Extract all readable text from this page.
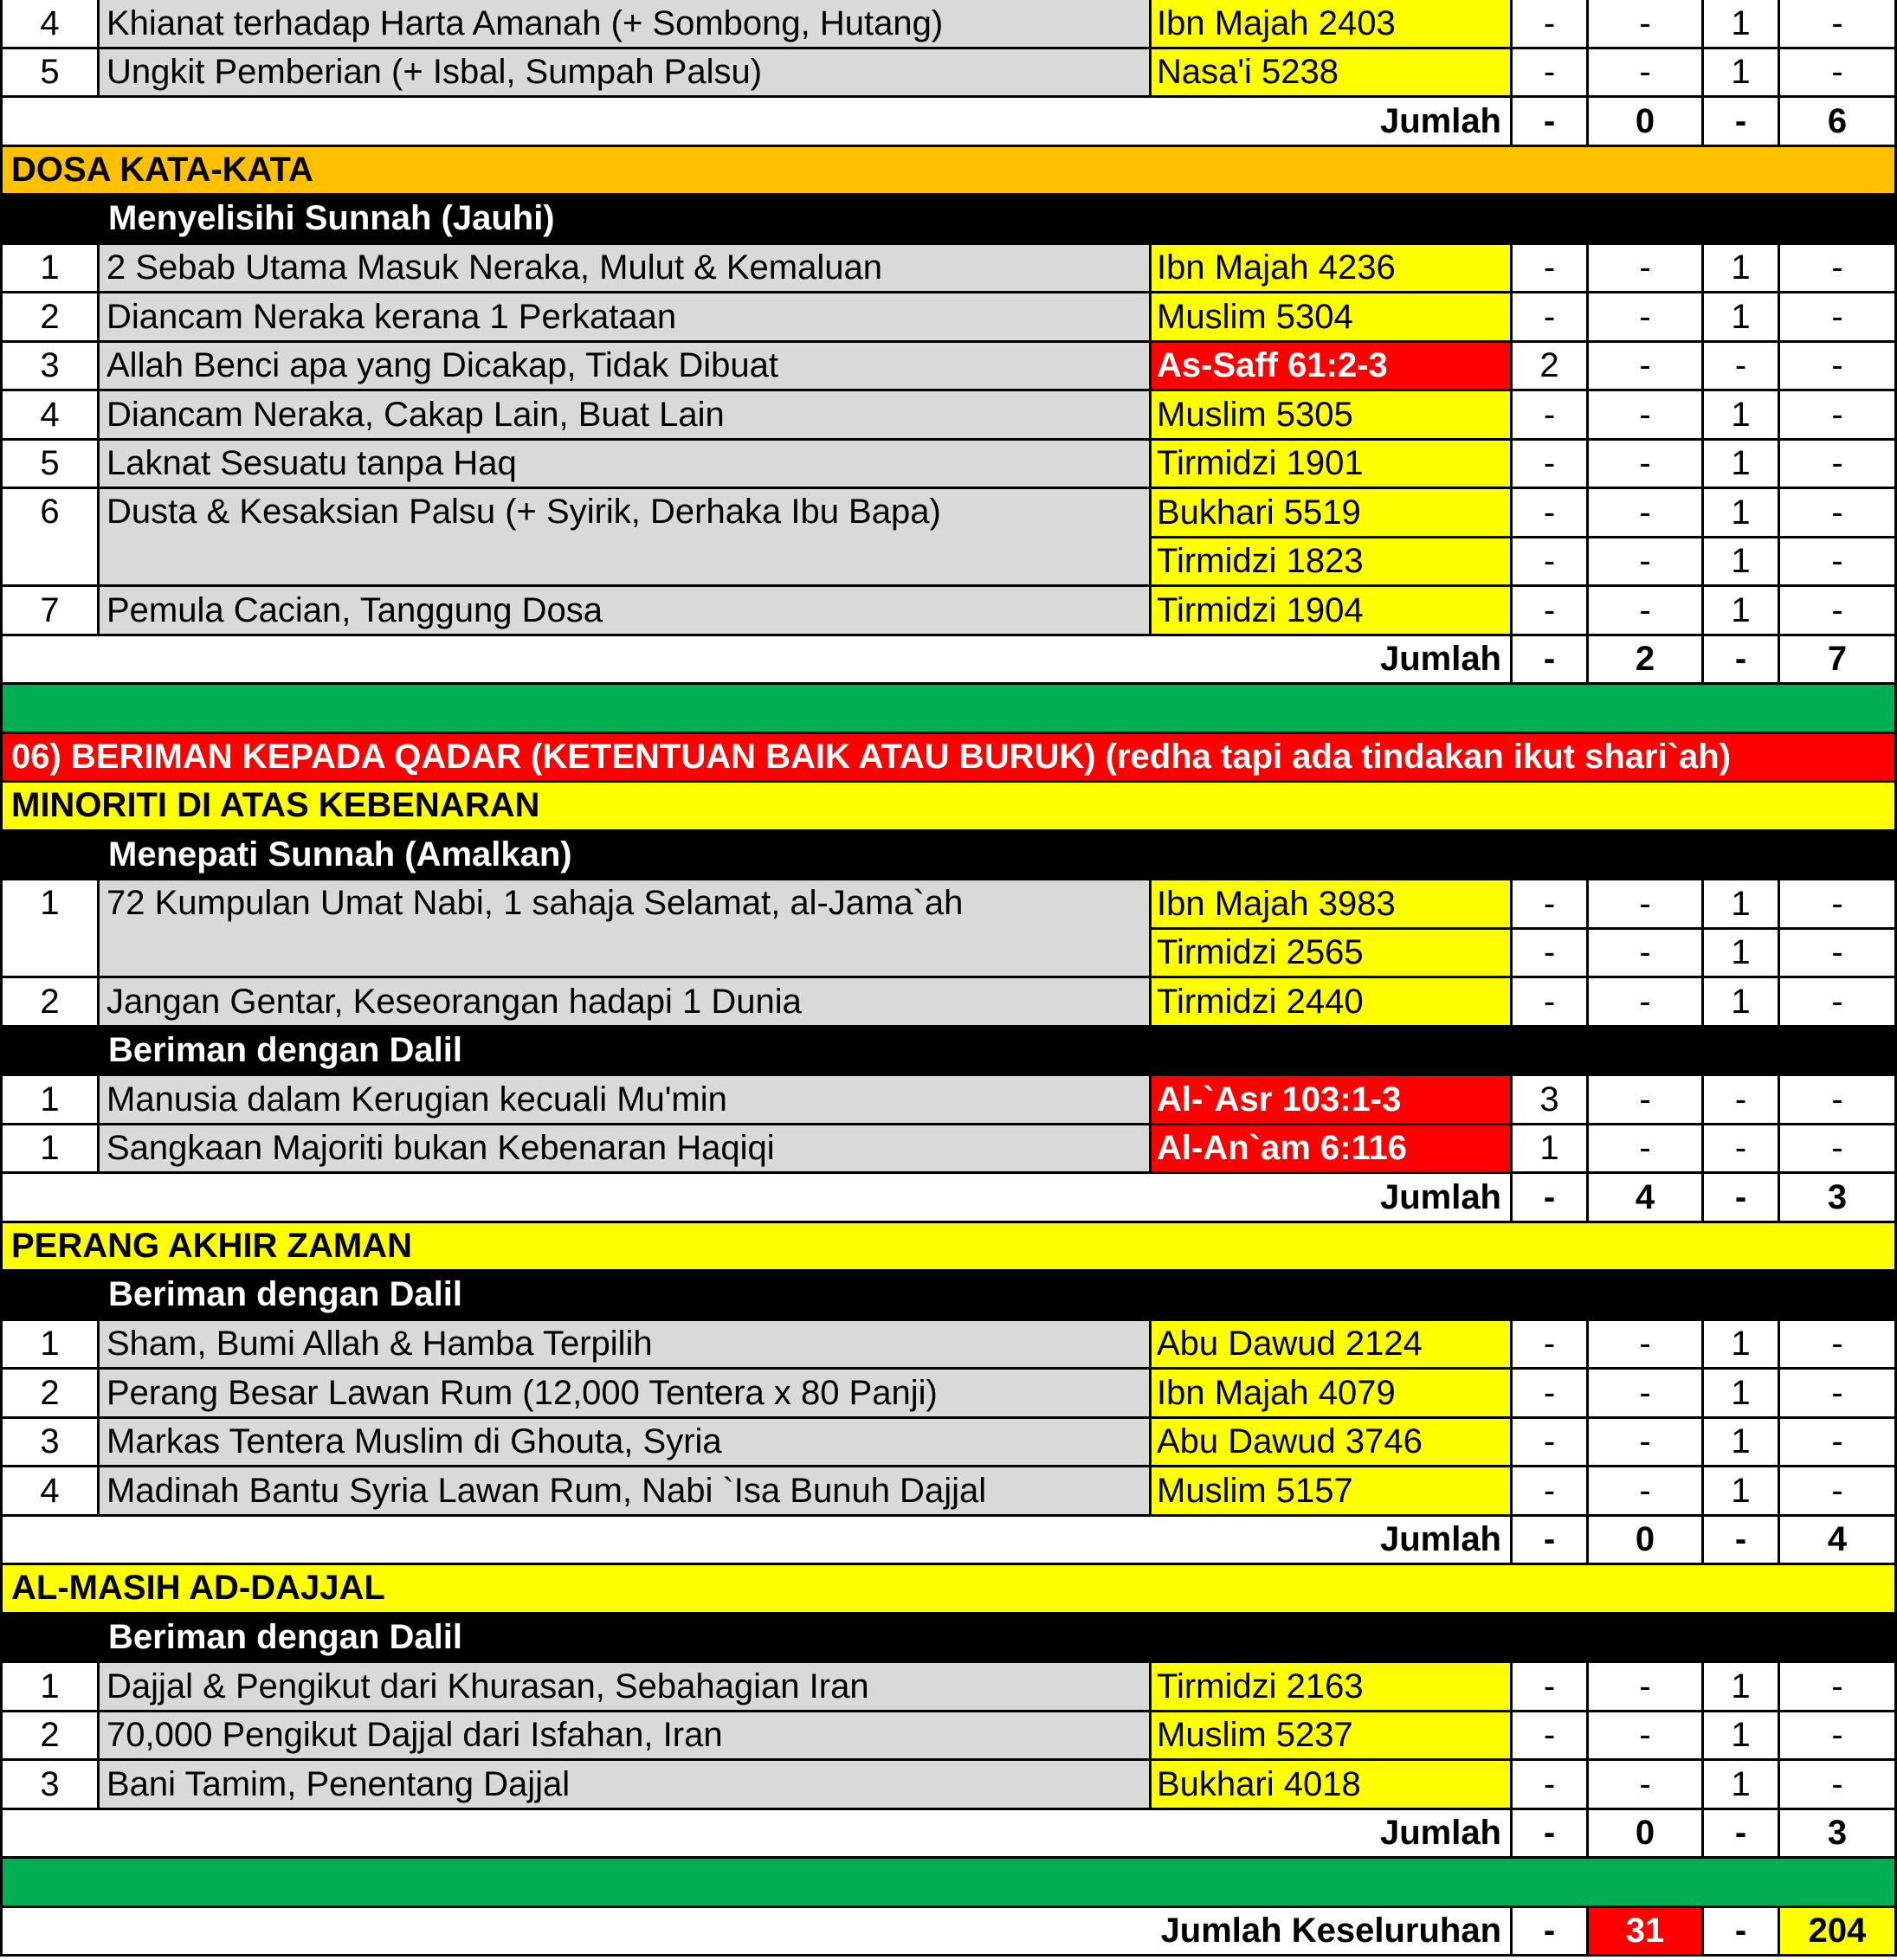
4	Khianat terhadap Harta Amanah (+ Sombong, Hutang)	Ibn Majah 2403	-	-	1	-
5	Ungkit Pemberian (+ Isbal, Sumpah Palsu)	Nasa'i 5238	-	-	1	-
Jumlah	-	0	-	6
DOSA KATA-KATA
Menyelisihi Sunnah (Jauhi)
1	2 Sebab Utama Masuk Neraka, Mulut & Kemaluan	Ibn Majah 4236	-	-	1	-
2	Diancam Neraka kerana 1 Perkataan	Muslim 5304	-	-	1	-
3	Allah Benci apa yang Dicakap, Tidak Dibuat	As-Saff 61:2-3	2	-	-	-
4	Diancam Neraka, Cakap Lain, Buat Lain	Muslim 5305	-	-	1	-
5	Laknat Sesuatu tanpa Haq	Tirmidzi 1901	-	-	1	-
6	Dusta & Kesaksian Palsu (+ Syirik, Derhaka Ibu Bapa)	Bukhari 5519	-	-	1	-
Tirmidzi 1823	-	-	1	-
7	Pemula Cacian, Tanggung Dosa	Tirmidzi 1904	-	-	1	-
Jumlah	-	2	-	7
06) BERIMAN KEPADA QADAR (KETENTUAN BAIK ATAU BURUK) (redha tapi ada tindakan ikut shari`ah)
MINORITI DI ATAS KEBENARAN
Menepati Sunnah (Amalkan)
1	72 Kumpulan Umat Nabi, 1 sahaja Selamat, al-Jama`ah	Ibn Majah 3983	-	-	1	-
Tirmidzi 2565	-	-	1	-
2	Jangan Gentar, Keseorangan hadapi 1 Dunia	Tirmidzi 2440	-	-	1	-
Beriman dengan Dalil
1	Manusia dalam Kerugian kecuali Mu'min	Al-`Asr 103:1-3	3	-	-	-
1	Sangkaan Majoriti bukan Kebenaran Haqiqi	Al-An`am 6:116	1	-	-	-
Jumlah	-	4	-	3
PERANG AKHIR ZAMAN
Beriman dengan Dalil
1	Sham, Bumi Allah & Hamba Terpilih	Abu Dawud 2124	-	-	1	-
2	Perang Besar Lawan Rum (12,000 Tentera x 80 Panji)	Ibn Majah 4079	-	-	1	-
3	Markas Tentera Muslim di Ghouta, Syria	Abu Dawud 3746	-	-	1	-
4	Madinah Bantu Syria Lawan Rum, Nabi `Isa Bunuh Dajjal	Muslim 5157	-	-	1	-
Jumlah	-	0	-	4
AL-MASIH AD-DAJJAL
Beriman dengan Dalil
1	Dajjal & Pengikut dari Khurasan, Sebahagian Iran	Tirmidzi 2163	-	-	1	-
2	70,000 Pengikut Dajjal dari Isfahan, Iran	Muslim 5237	-	-	1	-
3	Bani Tamim, Penentang Dajjal	Bukhari 4018	-	-	1	-
Jumlah	-	0	-	3
Jumlah Keseluruhan	-	31	-	204
